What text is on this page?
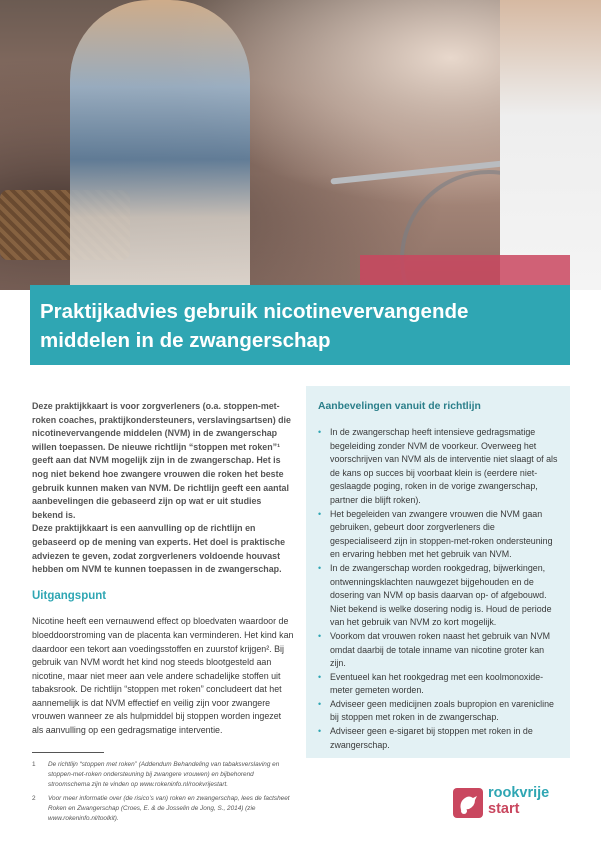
Praktijkadvies gebruik nicotinevervangende
middelen in de zwangerschap

Deze praktijkkaart is voor zorgverleners (o.a. stoppen-met-roken coaches, praktijkondersteuners, verslavingsartsen) die nicotinevervangende middelen (NVM) in de zwangerschap willen toepassen. De nieuwe richtlijn “stoppen met roken”¹ geeft aan dat NVM mogelijk zijn in de zwangerschap. Het is nog niet bekend hoe zwangere vrouwen die roken het beste gebruik kunnen maken van NVM. De richtlijn geeft een aantal aanbevelingen die gebaseerd zijn op wat er uit studies bekend is.

Deze praktijkkaart is een aanvulling op de richtlijn en gebaseerd op de mening van experts. Het doel is praktische adviezen te geven, zodat zorgverleners voldoende houvast hebben om NVM te kunnen toepassen in de zwangerschap.

Uitgangspunt

Nicotine heeft een vernauwend effect op bloedvaten waardoor de bloeddoorstroming van de placenta kan verminderen. Het kind kan daardoor een tekort aan voedingsstoffen en zuurstof krijgen². Bij gebruik van NVM wordt het kind nog steeds blootgesteld aan nicotine, maar niet meer aan vele andere schadelijke stoffen uit tabaksrook. De richtlijn “stoppen met roken” concludeert dat het aannemelijk is dat NVM effectief en veilig zijn voor zwangere vrouwen wanneer ze als hulpmiddel bij stoppen worden ingezet als aanvulling op een gedragsmatige interventie.

1	De richtlijn “stoppen met roken” (Addendum Behandeling van tabaksverslaving en stoppen-met-roken ondersteuning bij zwangere vrouwen) en bijbehorend stroomschema zijn te vinden op www.rokeninfo.nl/rookvrijestart.
2	Voor meer informatie over (de risico’s van) roken en zwangerschap, lees de factsheet Roken en Zwangerschap (Croes, E. & de Josselin de Jong, S., 2014) (zie www.rokeninfo.nl/toolkit).
Aanbevelingen vanuit de richtlijn
• In de zwangerschap heeft intensieve gedragsmatige begeleiding zonder NVM de voorkeur. Overweeg het voorschrijven van NVM als de interventie niet slaagt of als de kans op succes bij voorbaat klein is (eerdere niet-geslaagde poging, roken in de vorige zwangerschap, partner die blijft roken).
• Het begeleiden van zwangere vrouwen die NVM gaan gebruiken, gebeurt door zorgverleners die gespecialiseerd zijn in stoppen-met-roken ondersteuning en ervaring hebben met het gebruik van NVM.
• In de zwangerschap worden rookgedrag, bijwerkingen, ontwenningsklachten nauwgezet bijgehouden en de dosering van NVM op basis daarvan op- of afgebouwd. Niet bekend is welke dosering nodig is. Houd de periode van het gebruik van NVM zo kort mogelijk.
• Voorkom dat vrouwen roken naast het gebruik van NVM omdat daarbij de totale inname van nicotine groter kan zijn.
• Eventueel kan het rookgedrag met een koolmonoxide-meter gemeten worden.
• Adviseer geen medicijnen zoals bupropion en varenicline bij stoppen met roken in de zwangerschap.
• Adviseer geen e-sigaret bij stoppen met roken in de zwangerschap.
rookvrije
start
